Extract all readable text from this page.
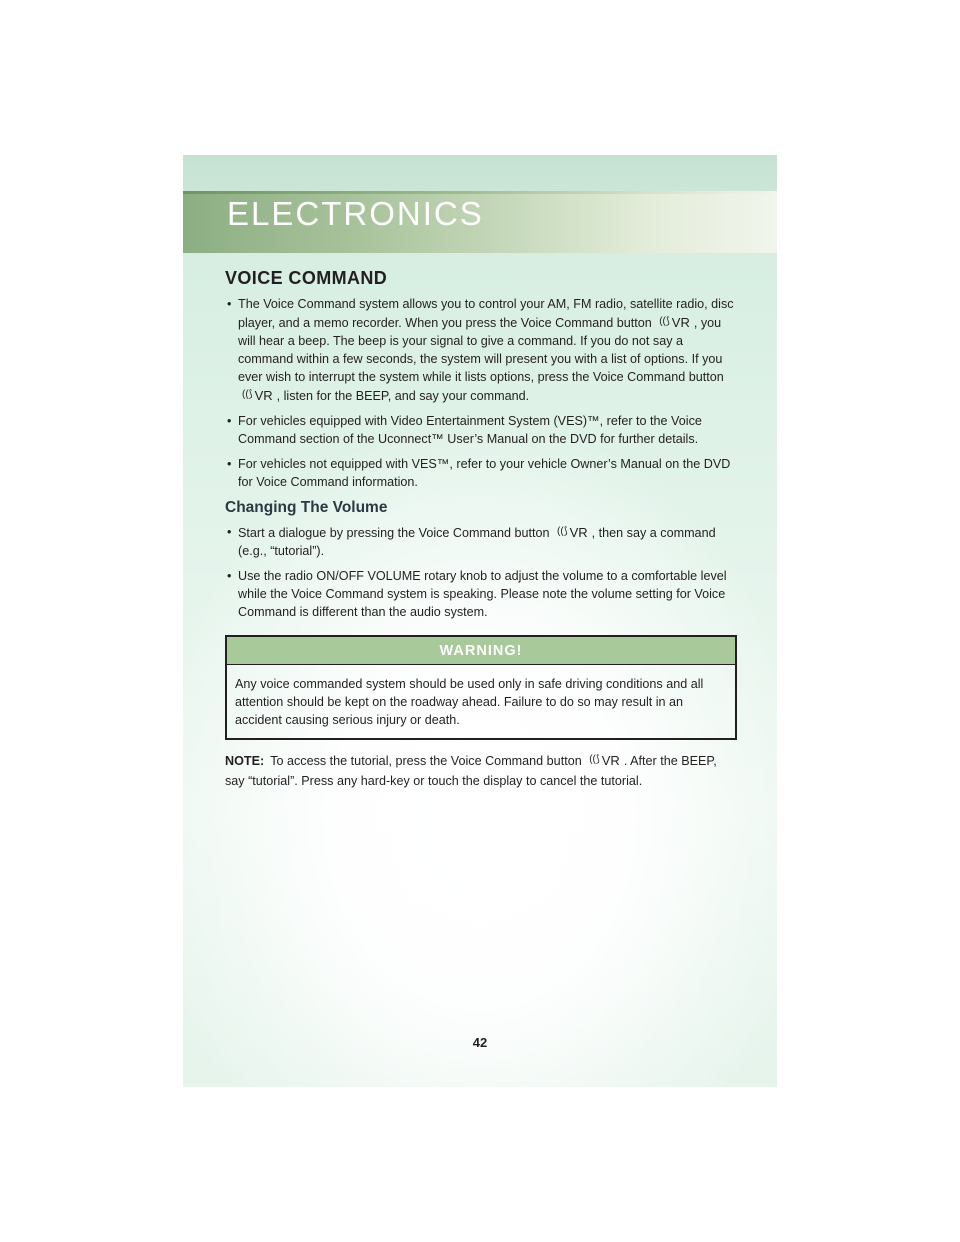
ELECTRONICS
VOICE COMMAND

• The Voice Command system allows you to control your AM, FM radio, satellite radio, disc player, and a memo recorder. When you press the Voice Command button ((⟆ VR , you will hear a beep. The beep is your signal to give a command. If you do not say a command within a few seconds, the system will present you with a list of options. If you ever wish to interrupt the system while it lists options, press the Voice Command button ((⟆ VR , listen for the BEEP, and say your command.

• For vehicles equipped with Video Entertainment System (VES)™, refer to the Voice Command section of the Uconnect™ User’s Manual on the DVD for further details.

• For vehicles not equipped with VES™, refer to your vehicle Owner’s Manual on the DVD for Voice Command information.

Changing The Volume

• Start a dialogue by pressing the Voice Command button ((⟆ VR , then say a command (e.g., “tutorial”).

• Use the radio ON/OFF VOLUME rotary knob to adjust the volume to a comfortable level while the Voice Command system is speaking. Please note the volume setting for Voice Command is different than the audio system.

WARNING!
Any voice commanded system should be used only in safe driving conditions and all attention should be kept on the roadway ahead. Failure to do so may result in an accident causing serious injury or death.

NOTE: To access the tutorial, press the Voice Command button ((⟆ VR . After the BEEP, say “tutorial”. Press any hard-key or touch the display to cancel the tutorial.

42
